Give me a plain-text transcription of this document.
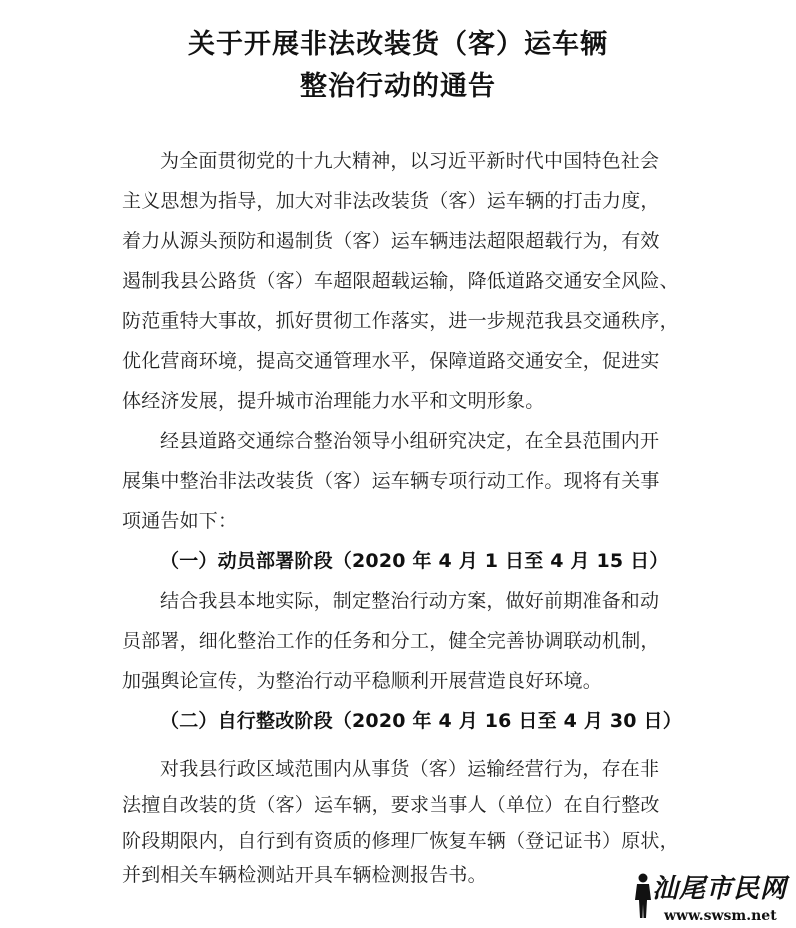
关于开展非法改装货（客）运车辆
整治行动的通告
为全面贯彻党的十九大精神，以习近平新时代中国特色社会
主义思想为指导，加大对非法改装货（客）运车辆的打击力度，
着力从源头预防和遏制货（客）运车辆违法超限超载行为，有效
遏制我县公路货（客）车超限超载运输，降低道路交通安全风险、
防范重特大事故，抓好贯彻工作落实，进一步规范我县交通秩序，
优化营商环境，提高交通管理水平，保障道路交通安全，促进实
体经济发展，提升城市治理能力水平和文明形象。
经县道路交通综合整治领导小组研究决定，在全县范围内开
展集中整治非法改装货（客）运车辆专项行动工作。现将有关事
项通告如下：
（一）动员部署阶段（2020 年 4 月 1 日至 4 月 15 日）
结合我县本地实际，制定整治行动方案，做好前期准备和动
员部署，细化整治工作的任务和分工，健全完善协调联动机制，
加强舆论宣传，为整治行动平稳顺利开展营造良好环境。
（二）自行整改阶段（2020 年 4 月 16 日至 4 月 30 日）
对我县行政区域范围内从事货（客）运输经营行为，存在非
法擅自改装的货（客）运车辆，要求当事人（单位）在自行整改
阶段期限内，自行到有资质的修理厂恢复车辆（登记证书）原状，
并到相关车辆检测站开具车辆检测报告书。	汕尾市民网
www.swsm.net
